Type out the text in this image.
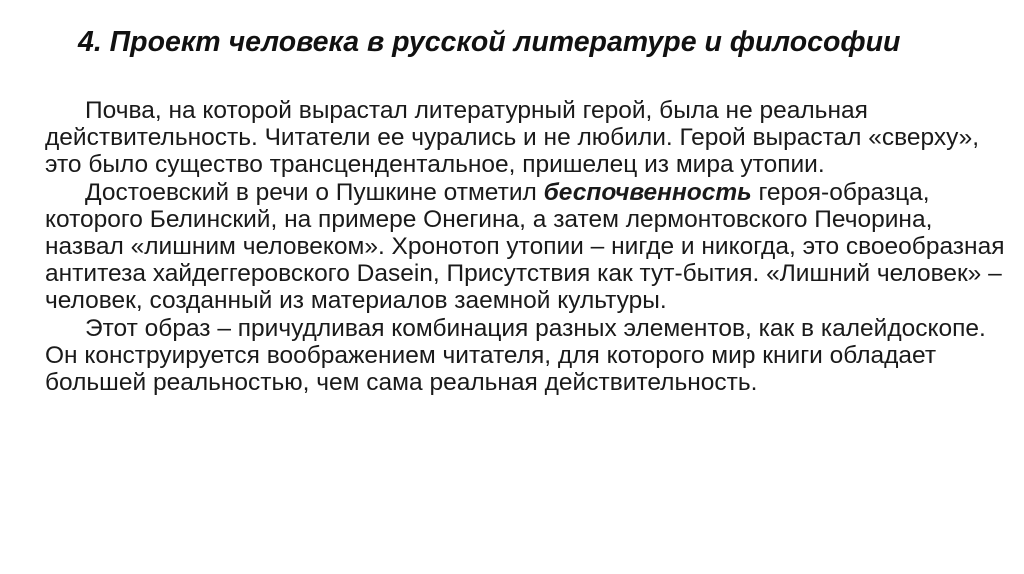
4. Проект человека в русской литературе и философии

Почва, на которой вырастал литературный герой, была не реальная действительность. Читатели ее чурались и не любили. Герой вырастал «сверху», это было существо трансцендентальное, пришелец из мира утопии.

Достоевский в речи о Пушкине отметил беспочвенность героя-образца, которого Белинский, на примере Онегина, а затем лермонтовского Печорина, назвал «лишним человеком». Хронотоп утопии – нигде и никогда, это своеобразная антитеза хайдеггеровского Dasein, Присутствия как тут-бытия. «Лишний человек» – человек, созданный из материалов заемной культуры.

Этот образ – причудливая комбинация разных элементов, как в калейдоскопе. Он конструируется воображением читателя, для которого мир книги обладает большей реальностью, чем сама реальная действительность.
